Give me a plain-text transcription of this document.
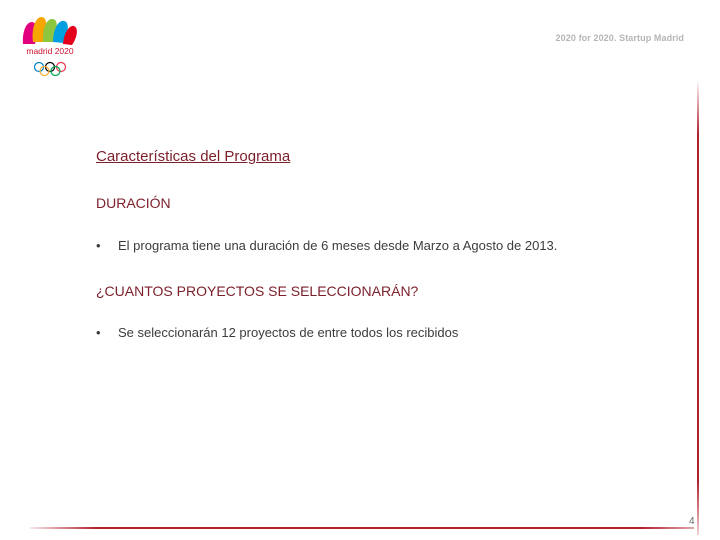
madrid 2020
2020 for 2020. Startup Madrid
Características del Programa
DURACIÓN
• El programa tiene una duración de 6 meses desde Marzo a Agosto de 2013.
¿CUANTOS PROYECTOS SE SELECCIONARÁN?
• Se seleccionarán 12 proyectos de entre todos los recibidos
4
